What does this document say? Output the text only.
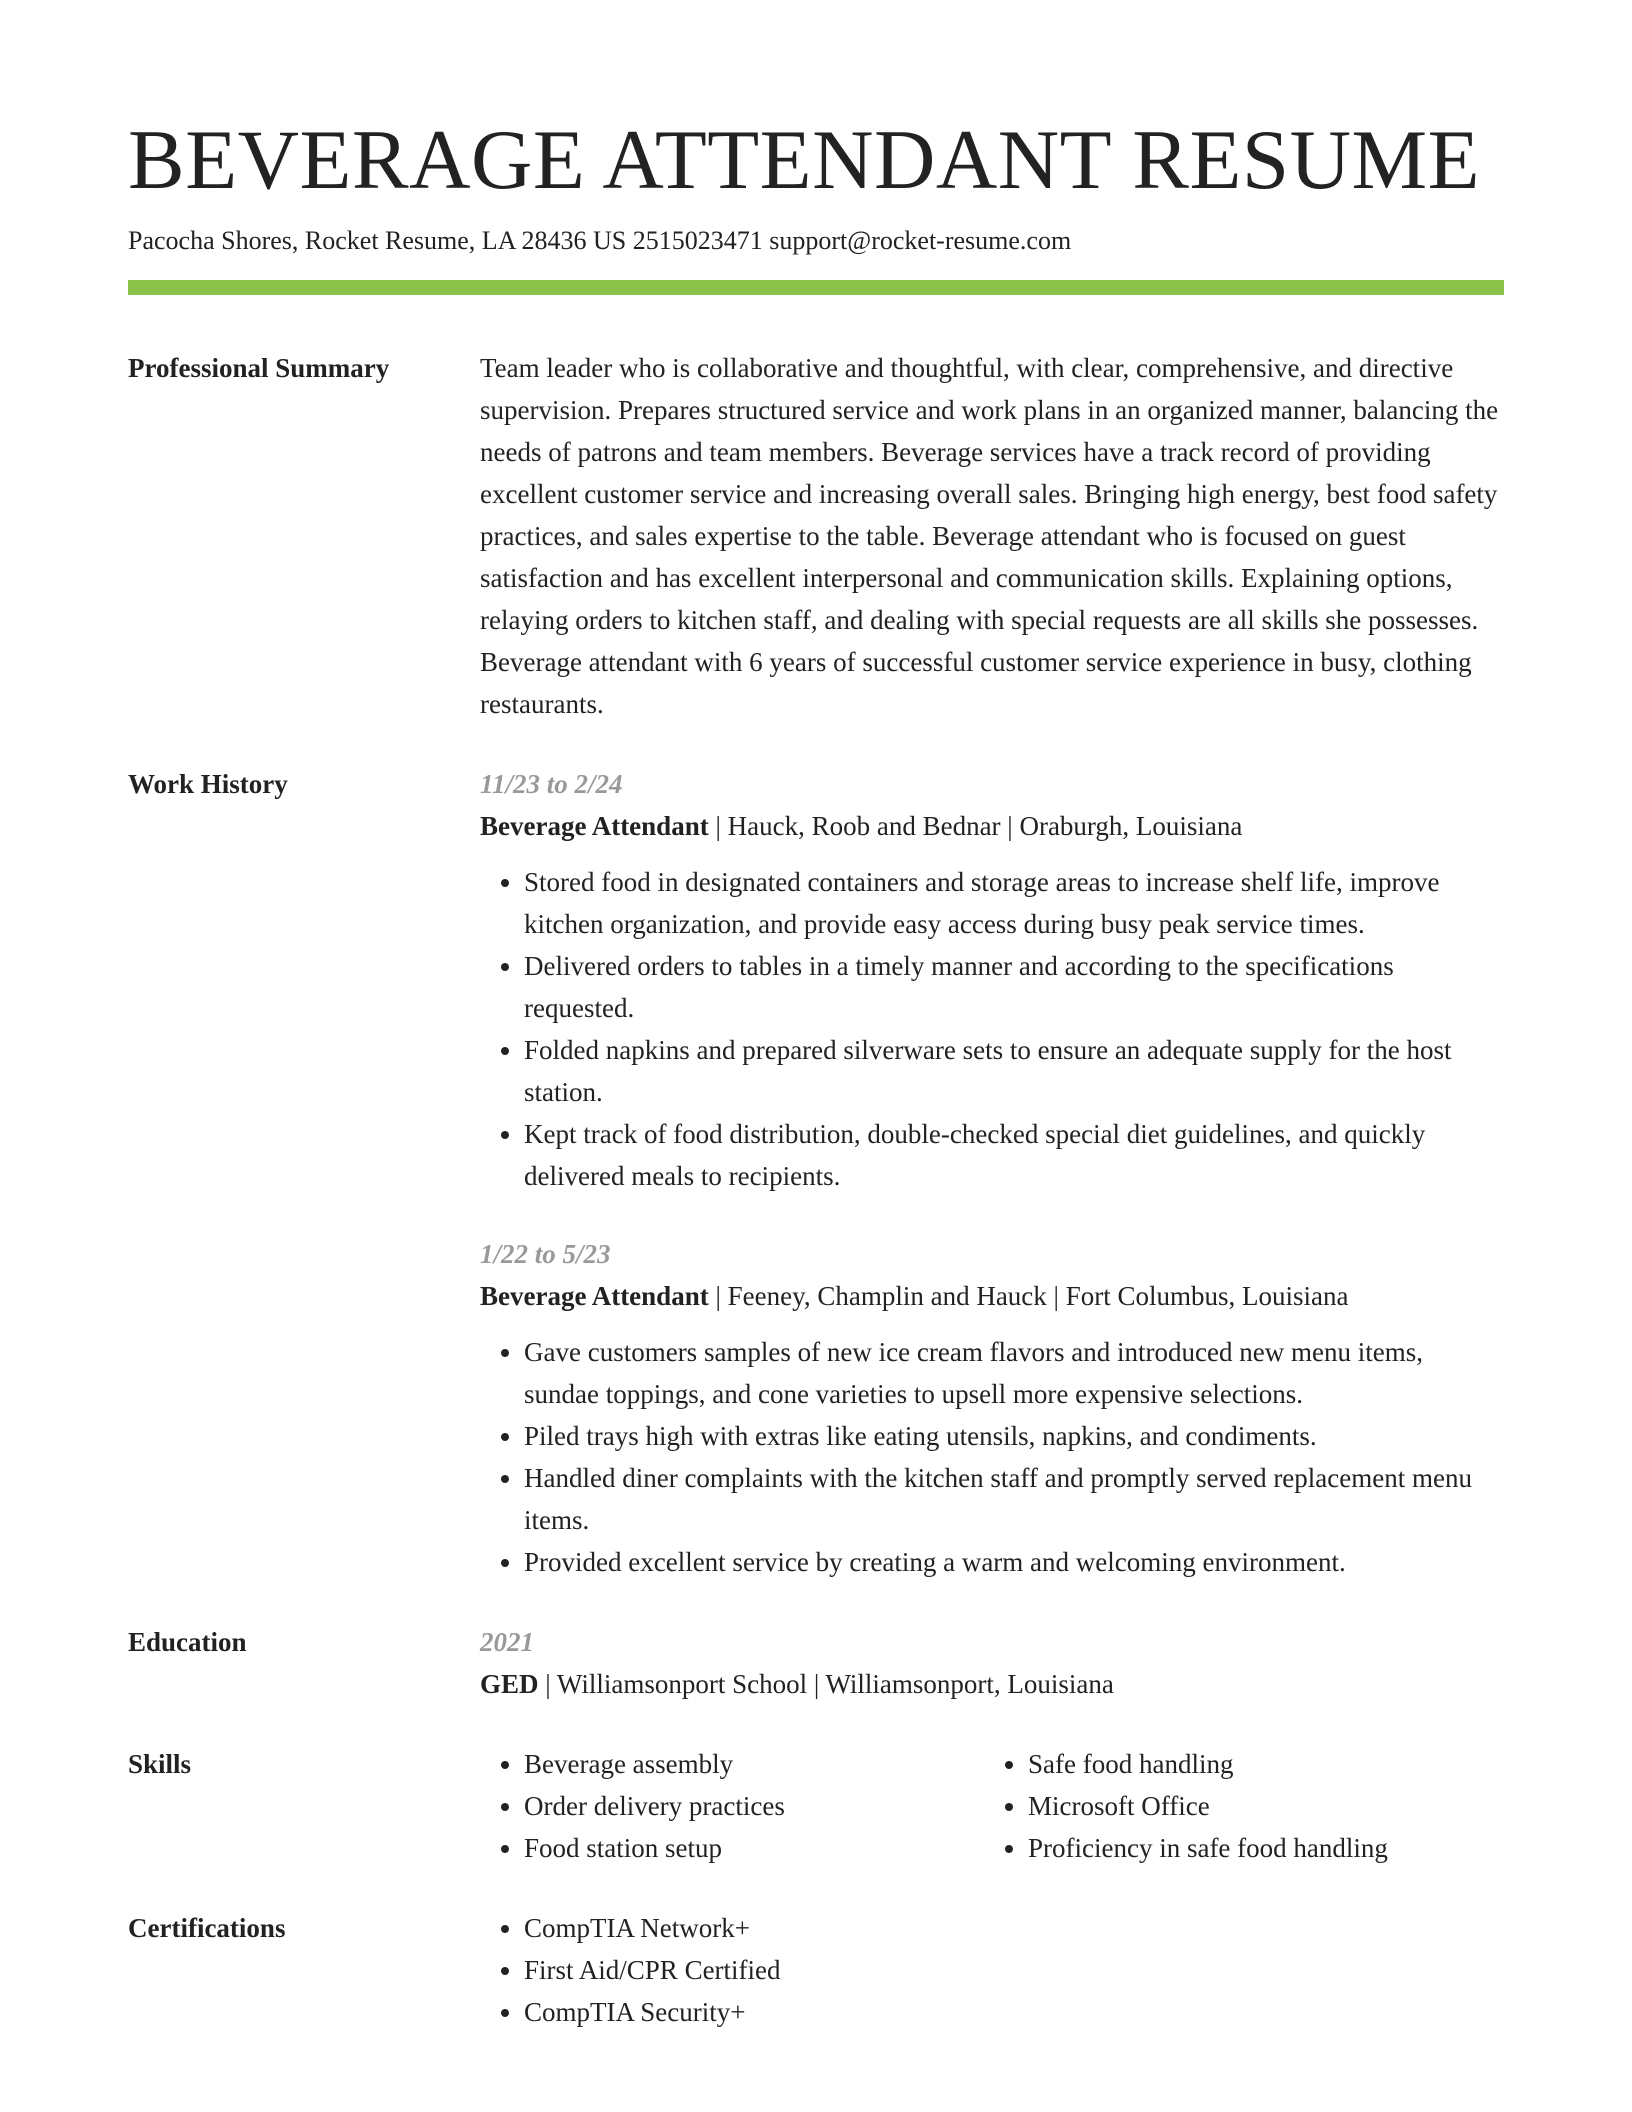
BEVERAGE ATTENDANT RESUME
Pacocha Shores, Rocket Resume, LA 28436 US 2515023471 support@rocket-resume.com
Professional Summary	Team leader who is collaborative and thoughtful, with clear, comprehensive, and directive supervision. Prepares structured service and work plans in an organized manner, balancing the needs of patrons and team members. Beverage services have a track record of providing excellent customer service and increasing overall sales. Bringing high energy, best food safety practices, and sales expertise to the table. Beverage attendant who is focused on guest satisfaction and has excellent interpersonal and communication skills. Explaining options, relaying orders to kitchen staff, and dealing with special requests are all skills she possesses. Beverage attendant with 6 years of successful customer service experience in busy, clothing restaurants.

Work History	11/23 to 2/24
Beverage Attendant | Hauck, Roob and Bednar | Oraburgh, Louisiana
• Stored food in designated containers and storage areas to increase shelf life, improve kitchen organization, and provide easy access during busy peak service times.
• Delivered orders to tables in a timely manner and according to the specifications requested.
• Folded napkins and prepared silverware sets to ensure an adequate supply for the host station.
• Kept track of food distribution, double-checked special diet guidelines, and quickly delivered meals to recipients.
1/22 to 5/23
Beverage Attendant | Feeney, Champlin and Hauck | Fort Columbus, Louisiana
• Gave customers samples of new ice cream flavors and introduced new menu items, sundae toppings, and cone varieties to upsell more expensive selections.
• Piled trays high with extras like eating utensils, napkins, and condiments.
• Handled diner complaints with the kitchen staff and promptly served replacement menu items.
• Provided excellent service by creating a warm and welcoming environment.
Education	2021
GED | Williamsonport School | Williamsonport, Louisiana
Skills	• Beverage assembly
• Order delivery practices
• Food station setup
• Safe food handling
• Microsoft Office
• Proficiency in safe food handling
Certifications	• CompTIA Network+
• First Aid/CPR Certified
• CompTIA Security+
